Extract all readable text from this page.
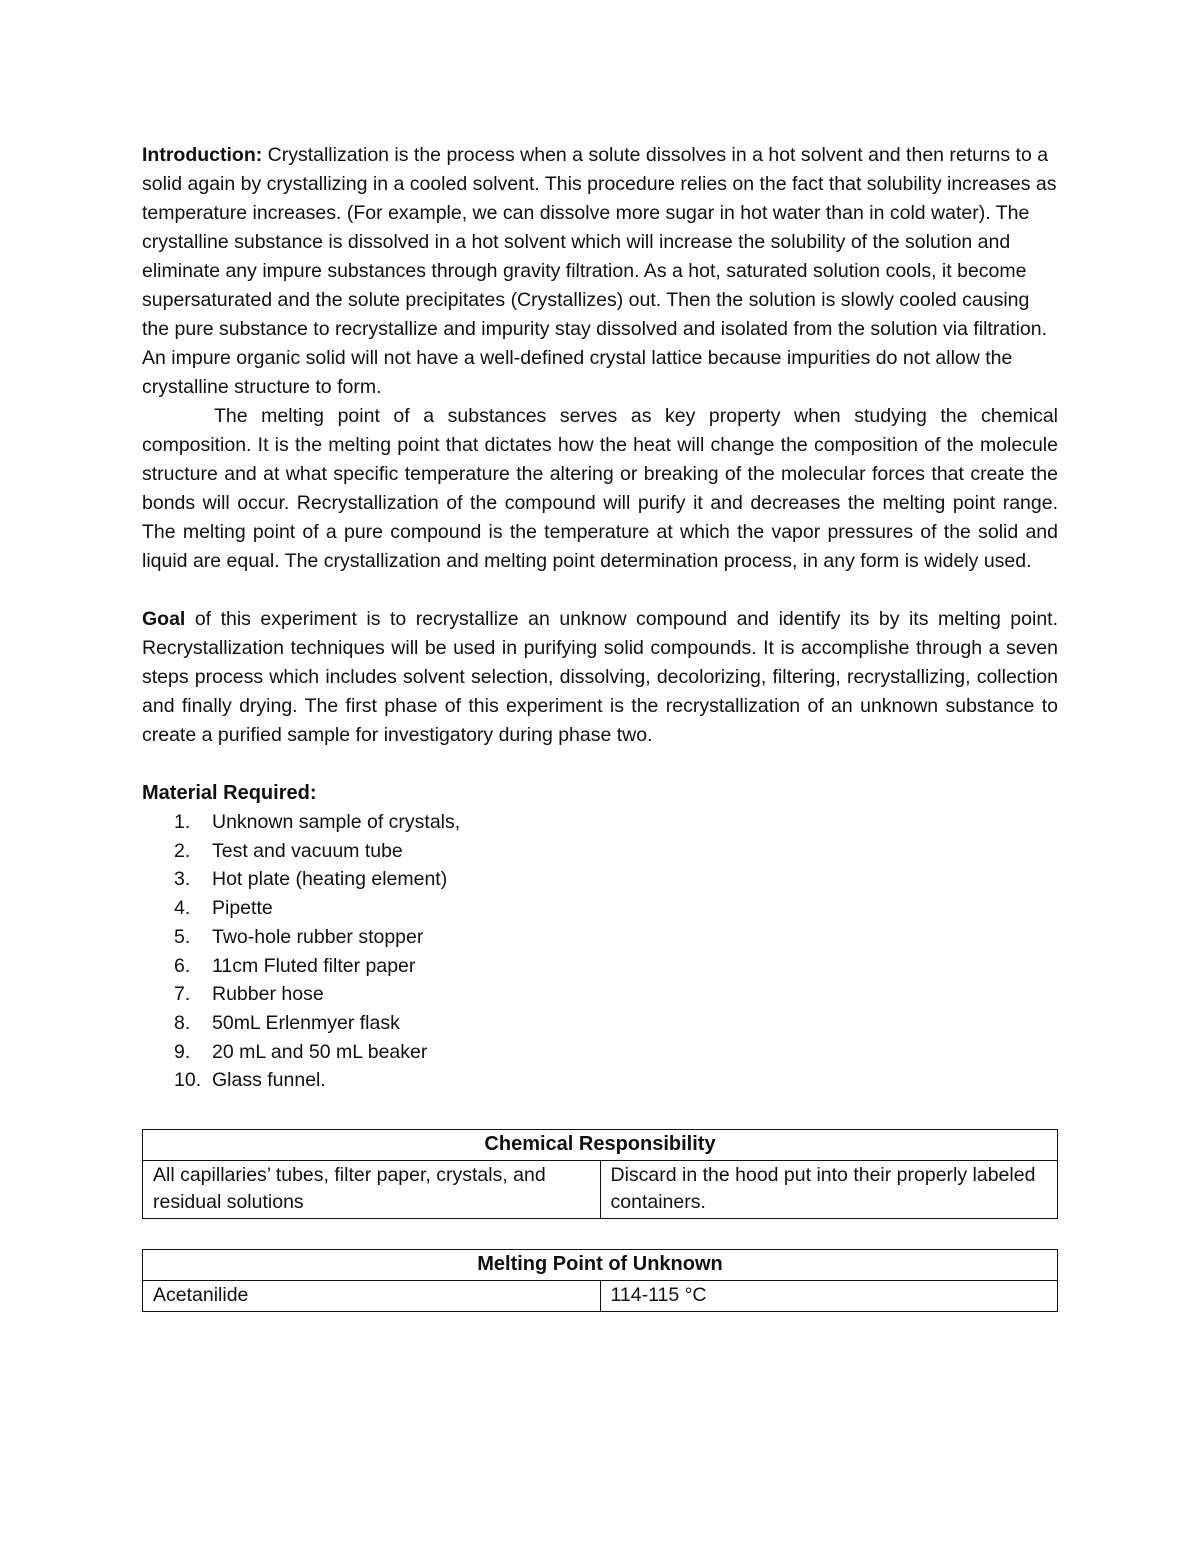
Introduction: Crystallization is the process when a solute dissolves in a hot solvent and then returns to a solid again by crystallizing in a cooled solvent. This procedure relies on the fact that solubility increases as temperature increases. (For example, we can dissolve more sugar in hot water than in cold water). The crystalline substance is dissolved in a hot solvent which will increase the solubility of the solution and eliminate any impure substances through gravity filtration. As a hot, saturated solution cools, it become supersaturated and the solute precipitates (Crystallizes) out. Then the solution is slowly cooled causing the pure substance to recrystallize and impurity stay dissolved and isolated from the solution via filtration. An impure organic solid will not have a well-defined crystal lattice because impurities do not allow the crystalline structure to form.

The melting point of a substances serves as key property when studying the chemical composition. It is the melting point that dictates how the heat will change the composition of the molecule structure and at what specific temperature the altering or breaking of the molecular forces that create the bonds will occur. Recrystallization of the compound will purify it and decreases the melting point range. The melting point of a pure compound is the temperature at which the vapor pressures of the solid and liquid are equal. The crystallization and melting point determination process, in any form is widely used.

Goal of this experiment is to recrystallize an unknow compound and identify its by its melting point. Recrystallization techniques will be used in purifying solid compounds. It is accomplishe through a seven steps process which includes solvent selection, dissolving, decolorizing, filtering, recrystallizing, collection and finally drying. The first phase of this experiment is the recrystallization of an unknown substance to create a purified sample for investigatory during phase two.

Material Required:

1.	Unknown sample of crystals,
2.	Test and vacuum tube
3.	Hot plate (heating element)
4.	Pipette
5.	Two-hole rubber stopper
6.	11cm Fluted filter paper
7.	Rubber hose
8.	50mL Erlenmyer flask
9.	20 mL and 50 mL beaker
10. Glass funnel.
Chemical Responsibility
All capillaries’ tubes, filter paper, crystals, and residual solutions	Discard in the hood put into their properly labeled containers.
Melting Point of Unknown
Acetanilide	114-115 °C
